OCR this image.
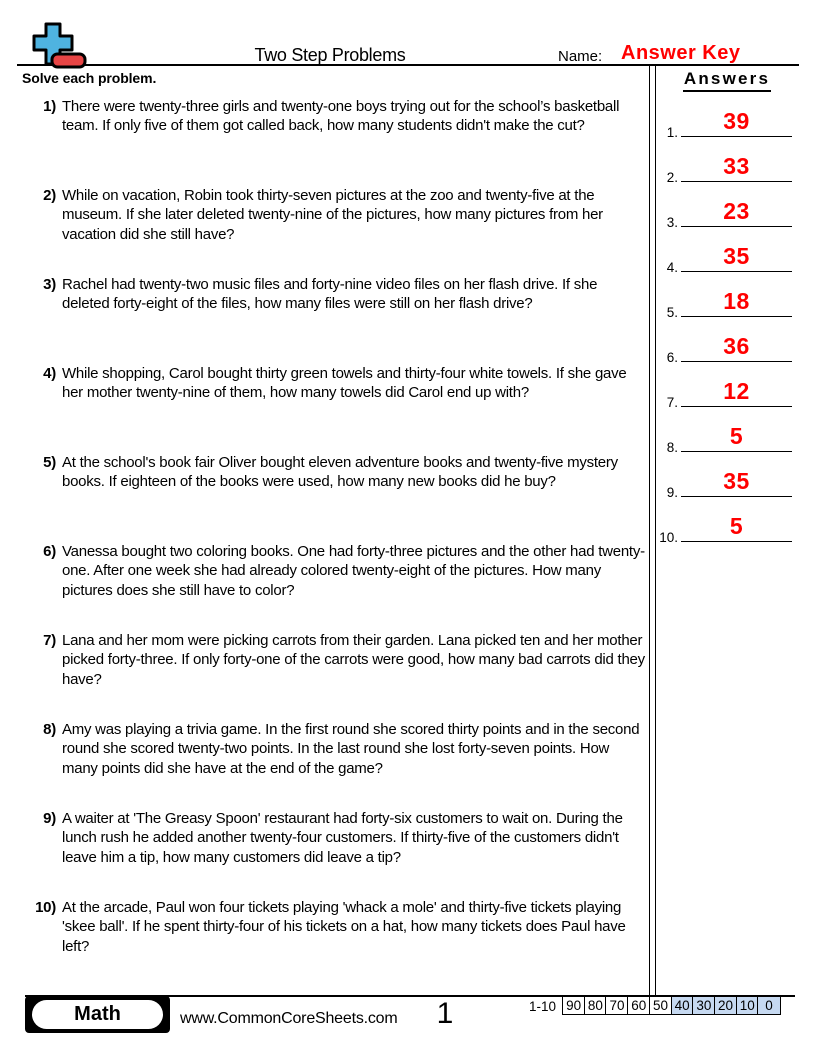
Two Step Problems	Name: Answer Key
Solve each problem.
1) There were twenty-three girls and twenty-one boys trying out for the school’s basketball team. If only five of them got called back, how many students didn't make the cut?
2) While on vacation, Robin took thirty-seven pictures at the zoo and twenty-five at the museum. If she later deleted twenty-nine of the pictures, how many pictures from her vacation did she still have?
3) Rachel had twenty-two music files and forty-nine video files on her flash drive. If she deleted forty-eight of the files, how many files were still on her flash drive?
4) While shopping, Carol bought thirty green towels and thirty-four white towels. If she gave her mother twenty-nine of them, how many towels did Carol end up with?
5) At the school's book fair Oliver bought eleven adventure books and twenty-five mystery books. If eighteen of the books were used, how many new books did he buy?
6) Vanessa bought two coloring books. One had forty-three pictures and the other had twenty-one. After one week she had already colored twenty-eight of the pictures. How many pictures does she still have to color?
7) Lana and her mom were picking carrots from their garden. Lana picked ten and her mother picked forty-three. If only forty-one of the carrots were good, how many bad carrots did they have?
8) Amy was playing a trivia game. In the first round she scored thirty points and in the second round she scored twenty-two points. In the last round she lost forty-seven points. How many points did she have at the end of the game?
9) A waiter at 'The Greasy Spoon' restaurant had forty-six customers to wait on. During the lunch rush he added another twenty-four customers. If thirty-five of the customers didn't leave him a tip, how many customers did leave a tip?
10) At the arcade, Paul won four tickets playing 'whack a mole' and thirty-five tickets playing 'skee ball'. If he spent thirty-four of his tickets on a hat, how many tickets does Paul have left?
Answers
1.	39
2.	33
3.	23
4.	35
5.	18
6.	36
7.	12
8.	5
9.	35
10.	5
Math	www.CommonCoreSheets.com	1	1-10 90 80 70 60 50 40 30 20 10 0
